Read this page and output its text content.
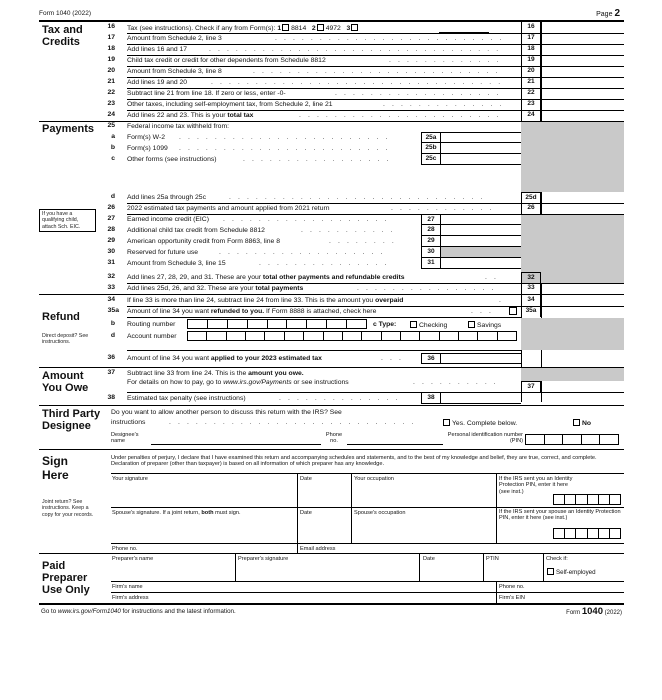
Form 1040 (2022)	Page 2
Tax and
Credits
16 Tax (see instructions). Check if any from Form(s): 1 8814 2 4972 3	16
17 Amount from Schedule 2, line 3	. . . . . . . . . . . . . . . . . . . . . . . . . .	17
18 Add lines 16 and 17	. . . . . . . . . . . . . . . . . . . . . . . . . . . . . . . . .	18
19 Child tax credit or credit for other dependents from Schedule 8812	. . . . . . . . . . . . .	19
20 Amount from Schedule 3, line 8	. . . . . . . . . . . . . . . . . . . . . . . . . . . .	20
21 Add lines 19 and 20	. . . . . . . . . . . . . . . . . . . . . . . . . . . . . . . . .	21
22 Subtract line 21 from line 18. If zero or less, enter -0-	. . . . . . . . . . . . . . . . . . .	22
23 Other taxes, including self-employment tax, from Schedule 2, line 21	. . . . . . . . . . . . . .	23
24 Add lines 22 and 23. This is your total tax	. . . . . . . . . . . . . . . . . . . . . . .	24
Payments
If you have a qualifying child, attach Sch. EIC.
25 Federal income tax withheld from:
a Form(s) W-2 . . . . . . . . . . . . . . . . . . . . . . . .	25a
b Form(s) 1099 . . . . . . . . . . . . . . . . . . . . . . . .	25b
c Other forms (see instructions)	. . . . . . . . . . . . . . . . .	25c
d Add lines 25a through 25c	. . . . . . . . . . . . . . . . . . . . . . . . . . . . .	25d
26 2022 estimated tax payments and amount applied from 2021 return	. . . . . . . . . . . .	26
27 Earned income credit (EIC) . . . . . . . . . . . . . . . . . . .	27
28 Additional child tax credit from Schedule 8812	. . . . . . . . . . .	28
29 American opportunity credit from Form 8863, line 8	. . . . . . . .	29
30 Reserved for future use	. . . . . . . . . . . . . . . . . . .	30
31 Amount from Schedule 3, line 15	. . . . . . . . . . . . . . .	31
32 Add lines 27, 28, 29, and 31. These are your total other payments and refundable credits	. .	32
33 Add lines 25d, 26, and 32. These are your total payments	. . . . . . . . . . . . . . . .	33
Refund
Direct deposit? See instructions.
34 If line 33 is more than line 24, subtract line 24 from line 33. This is the amount you overpaid	.	34
35a Amount of line 34 you want refunded to you. If Form 8888 is attached, check here	. . .	35a
b Routing number	c Type:	Checking	Savings
d Account number
36 Amount of line 34 you want applied to your 2023 estimated tax	. . .	36
Amount
You Owe
37 Subtract line 33 from line 24. This is the amount you owe.
For details on how to pay, go to www.irs.gov/Payments or see instructions	. . . . . . . . . .
37
38 Estimated tax penalty (see instructions)	. . . . . . . . . . . . . .	38
Third Party
Designee
Do you want to allow another person to discuss this return with the IRS? See
instructions	. . . . . . . . . . . . . . . . . . . . . . . . . . . .	Yes. Complete below.	No
Designee's name
Phone no.
Personal identification number (PIN)
Sign
Here
Joint return? See instructions. Keep a copy for your records.
Under penalties of perjury, I declare that I have examined this return and accompanying schedules and statements, and to the best of my knowledge and belief, they are true, correct, and complete. Declaration of preparer (other than taxpayer) is based on all information of which preparer has any knowledge.
Your signature	Date	Your occupation	If the IRS sent you an Identity Protection PIN, enter it here (see inst.)
Spouse's signature. If a joint return, both must sign.	Date	Spouse's occupation	If the IRS sent your spouse an Identity Protection PIN, enter it here (see inst.)
Phone no.	Email address
Paid
Preparer
Use Only
Preparer's name	Preparer's signature	Date	PTIN	Check if:
Self-employed
Firm's name	Phone no.
Firm's address	Firm's EIN
Go to www.irs.gov/Form1040 for instructions and the latest information.	Form 1040 (2022)
